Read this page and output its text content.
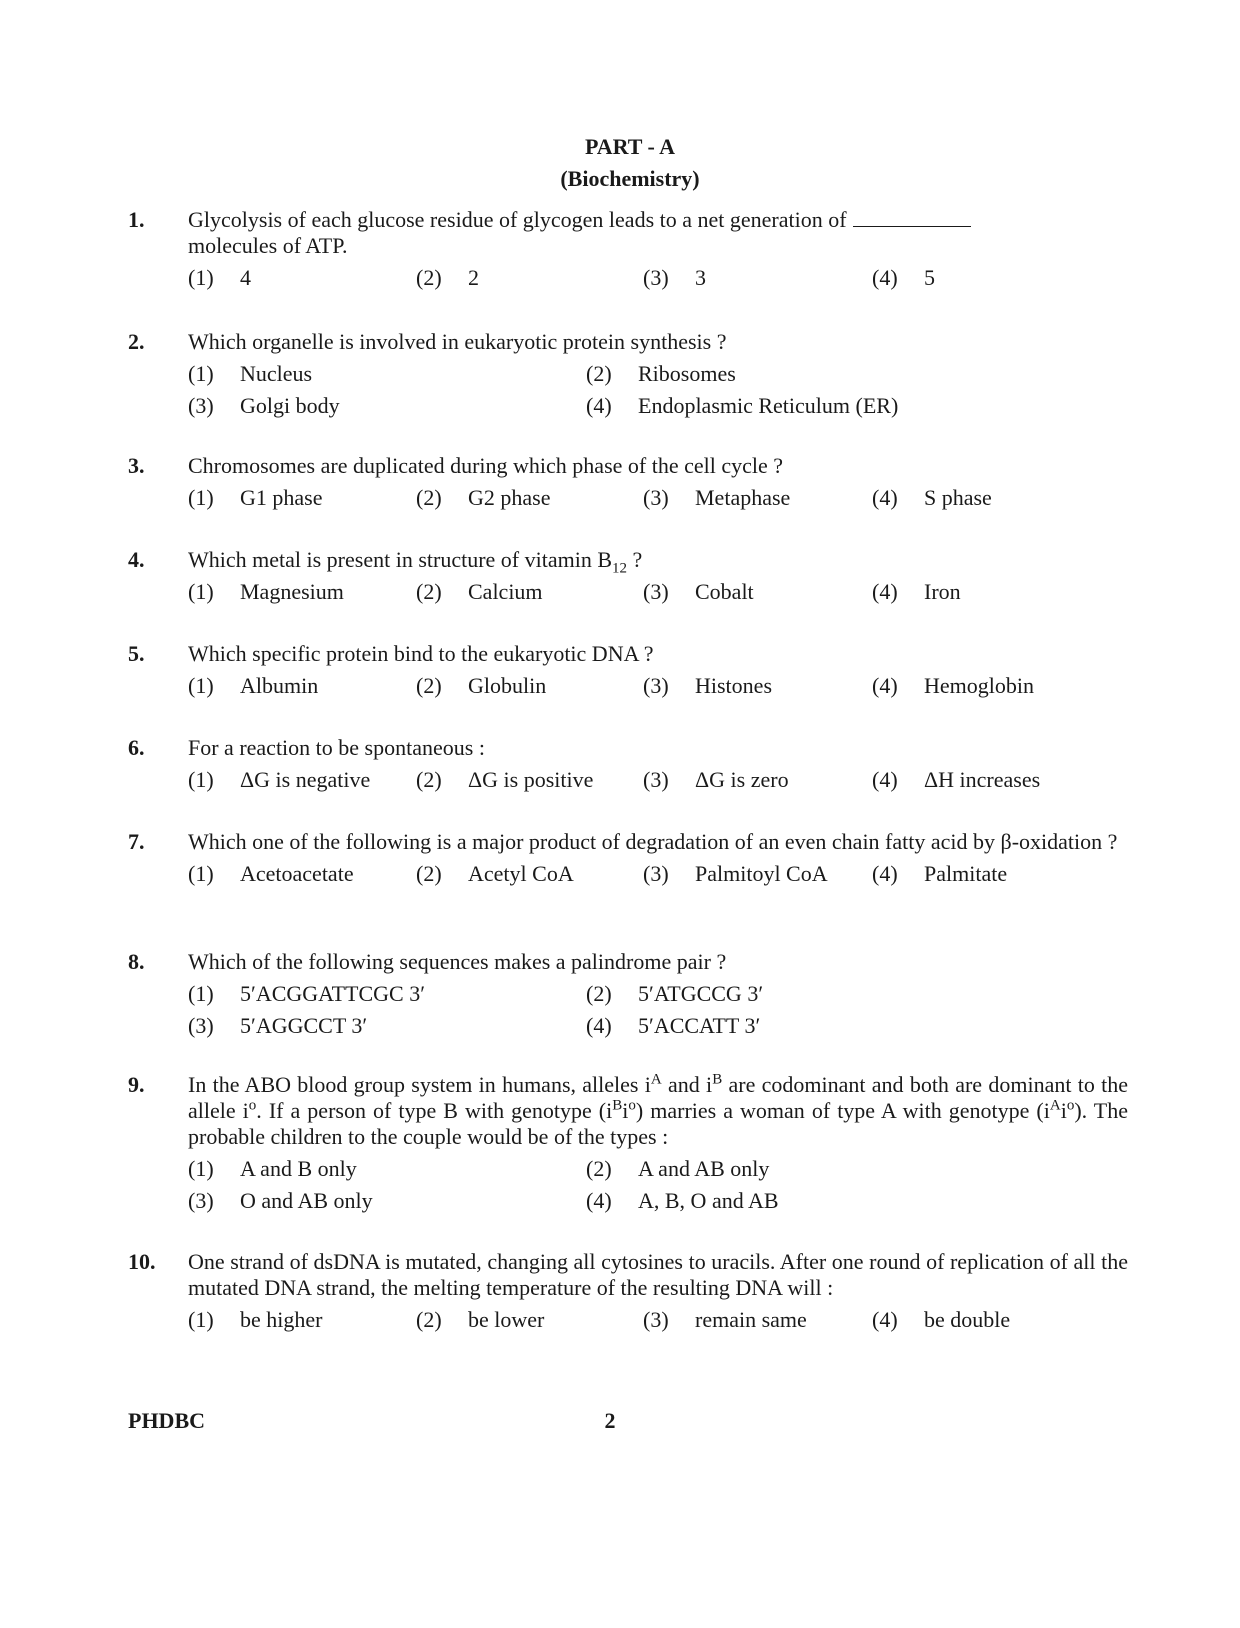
PART - A
(Biochemistry)
1. Glycolysis of each glucose residue of glycogen leads to a net generation of
molecules of ATP.
(1) 4	(2) 2	(3) 3	(4) 5
2. Which organelle is involved in eukaryotic protein synthesis ?
(1) Nucleus	(2) Ribosomes
(3) Golgi body	(4) Endoplasmic Reticulum (ER)
3. Chromosomes are duplicated during which phase of the cell cycle ?
(1) G1 phase	(2) G2 phase	(3) Metaphase	(4) S phase
4. Which metal is present in structure of vitamin $B_{12}$ ?
(1) Magnesium	(2) Calcium	(3) Cobalt	(4) Iron
5. Which specific protein bind to the eukaryotic DNA ?
(1) Albumin	(2) Globulin	(3) Histones	(4) Hemoglobin
6. For a reaction to be spontaneous :
(1) ΔG is negative (2) ΔG is positive (3) ΔG is zero	(4) ΔH increases
7. Which one of the following is a major product of degradation of an even chain fatty acid by β-oxidation ?
(1) Acetoacetate	(2) Acetyl CoA	(3) Palmitoyl CoA (4) Palmitate
8. Which of the following sequences makes a palindrome pair ?
(1) 5′ACGGATTCGC 3′	(2) 5′ATGCCG 3′
(3) 5′AGGCCT 3′	(4) 5′ACCATT 3′
9. In the ABO blood group system in humans, alleles $i^A$ and $i^B$ are codominant and both are dominant to the allele $i^o$. If a person of type B with genotype $(i^Bi^o)$ marries a woman of type A with genotype $(i^Ai^o)$. The probable children to the couple would be of the types :
(1) A and B only	(2) A and AB only
(3) O and AB only	(4) A, B, O and AB
10. One strand of dsDNA is mutated, changing all cytosines to uracils. After one round of replication of all the mutated DNA strand, the melting temperature of the resulting DNA will :
(1) be higher	(2) be lower	(3) remain same	(4) be double
PHDBC	2
